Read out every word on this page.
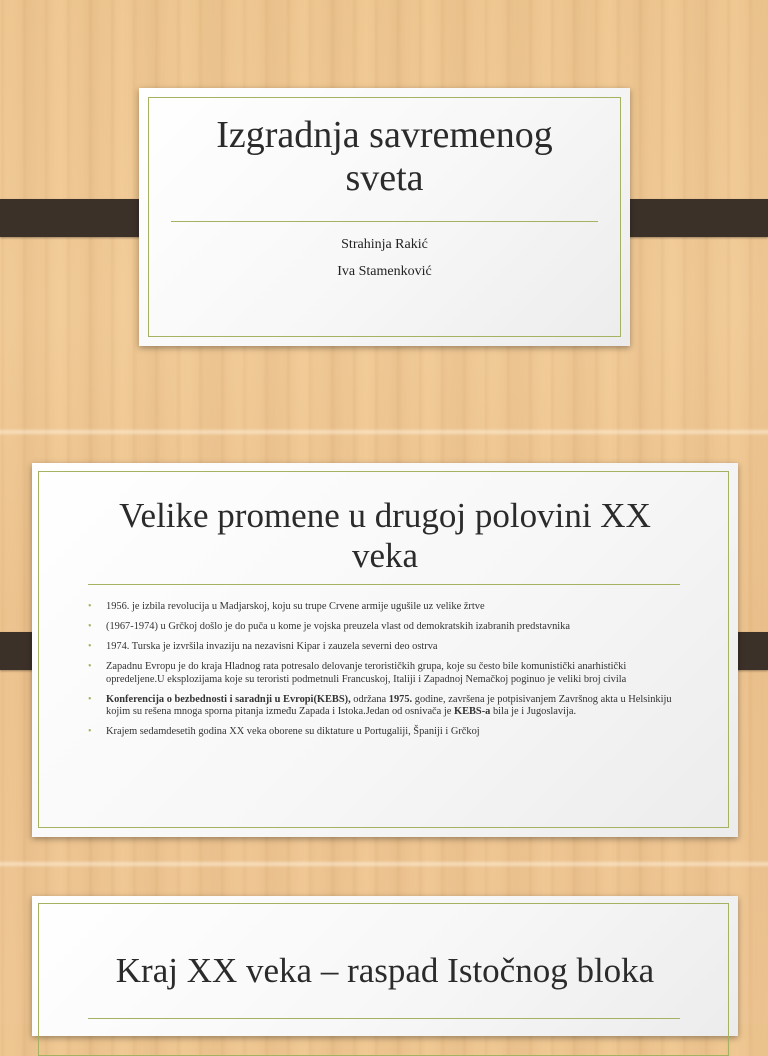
Izgradnja savremenog sveta
Strahinja Rakić
Iva Stamenković
Velike promene u drugoj polovini XX veka
• 1956. je izbila revolucija u Madjarskoj, koju su trupe Crvene armije ugušile uz velike žrtve
• (1967-1974) u Grčkoj došlo je do puča u kome je vojska preuzela vlast od demokratskih izabranih predstavnika
• 1974. Turska je izvršila invaziju na nezavisni Kipar i zauzela severni deo ostrva
• Zapadnu Evropu je do kraja Hladnog rata potresalo delovanje terorističkih grupa, koje su često bile komunistički anarhistički opredeljene.U eksplozijama koje su teroristi podmetnuli Francuskoj, Italiji i Zapadnoj Nemačkoj poginuo je veliki broj civila
• Konferencija o bezbednosti i saradnji u Evropi(KEBS), održana 1975. godine, završena je potpisivanjem Završnog akta u Helsinkiju kojim su rešena mnoga sporna pitanja između Zapada i Istoka.Jedan od osnivača je KEBS-a bila je i Jugoslavija.
• Krajem sedamdesetih godina XX veka oborene su diktature u Portugaliji, Španiji i Grčkoj
Kraj XX veka – raspad Istočnog bloka
